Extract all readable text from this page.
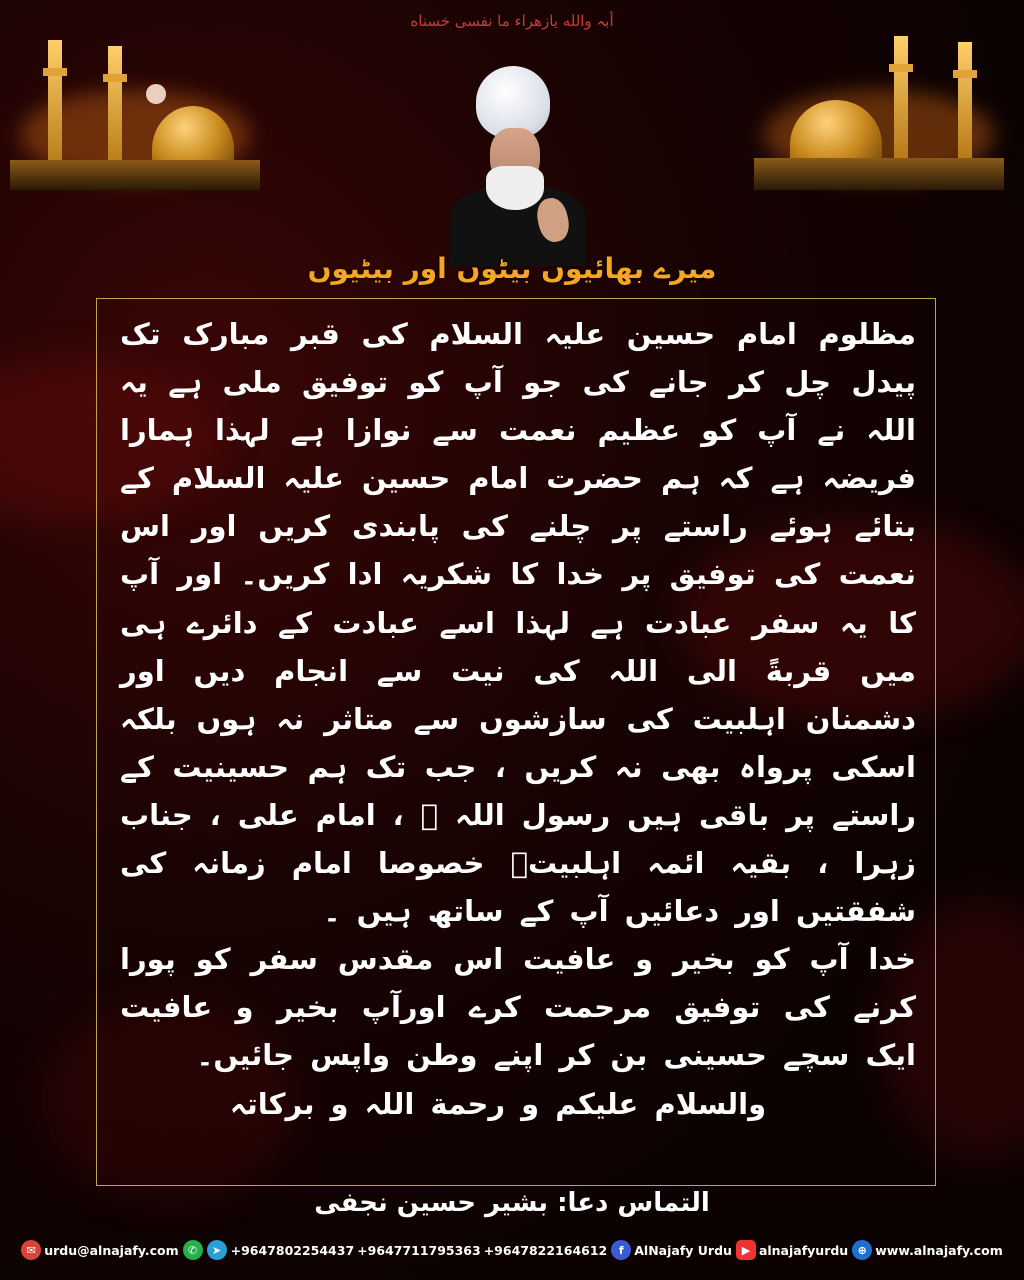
أبہ والله یازهراء ما نفسی خسناه
میرے بھائیوں بیٹوں اور بیٹیوں

مظلوم امام حسین علیہ السلام کی قبر مبارک تک پیدل چل کر جانے کی جو آپ کو توفیق ملی ہے یہ اللہ نے آپ کو عظیم نعمت سے نوازا ہے لہذا ہمارا فریضہ ہے کہ ہم حضرت امام حسین علیہ السلام کے بتائے ہوئے راستے پر چلنے کی پابندی کریں اور اس نعمت کی توفیق پر خدا کا شکریہ ادا کریں۔ اور آپ کا یہ سفر عبادت ہے لہذا اسے عبادت کے دائرے ہی میں قربةً الی اللہ کی نیت سے انجام دیں اور دشمنان اہلبیت کی سازشوں سے متاثر نہ ہوں بلکہ اسکی پرواہ بھی نہ کریں ، جب تک ہم حسینیت کے راستے پر باقی ہیں رسول اللہ ﷺ ، امام علی ، جناب زہرا ، بقیہ ائمہ اہلبیتؑ خصوصا امام زمانہ کی شفقتیں اور دعائیں آپ کے ساتھ ہیں ۔

خدا آپ کو بخیر و عافیت اس مقدس سفر کو پورا کرنے کی توفیق مرحمت کرے اورآپ بخیر و عافیت ایک سچے حسینی بن کر اپنے وطن واپس جائیں۔

والسلام علیکم و رحمة اللہ و برکاتہ

التماس دعا: بشیر حسین نجفی
✉ urdu@alnajafy.com ✆	➤ +9647802254437 +9647711795363 +9647822164612	f AlNajafy Urdu ▶ alnajafyurdu ⊕ www.alnajafy.com
